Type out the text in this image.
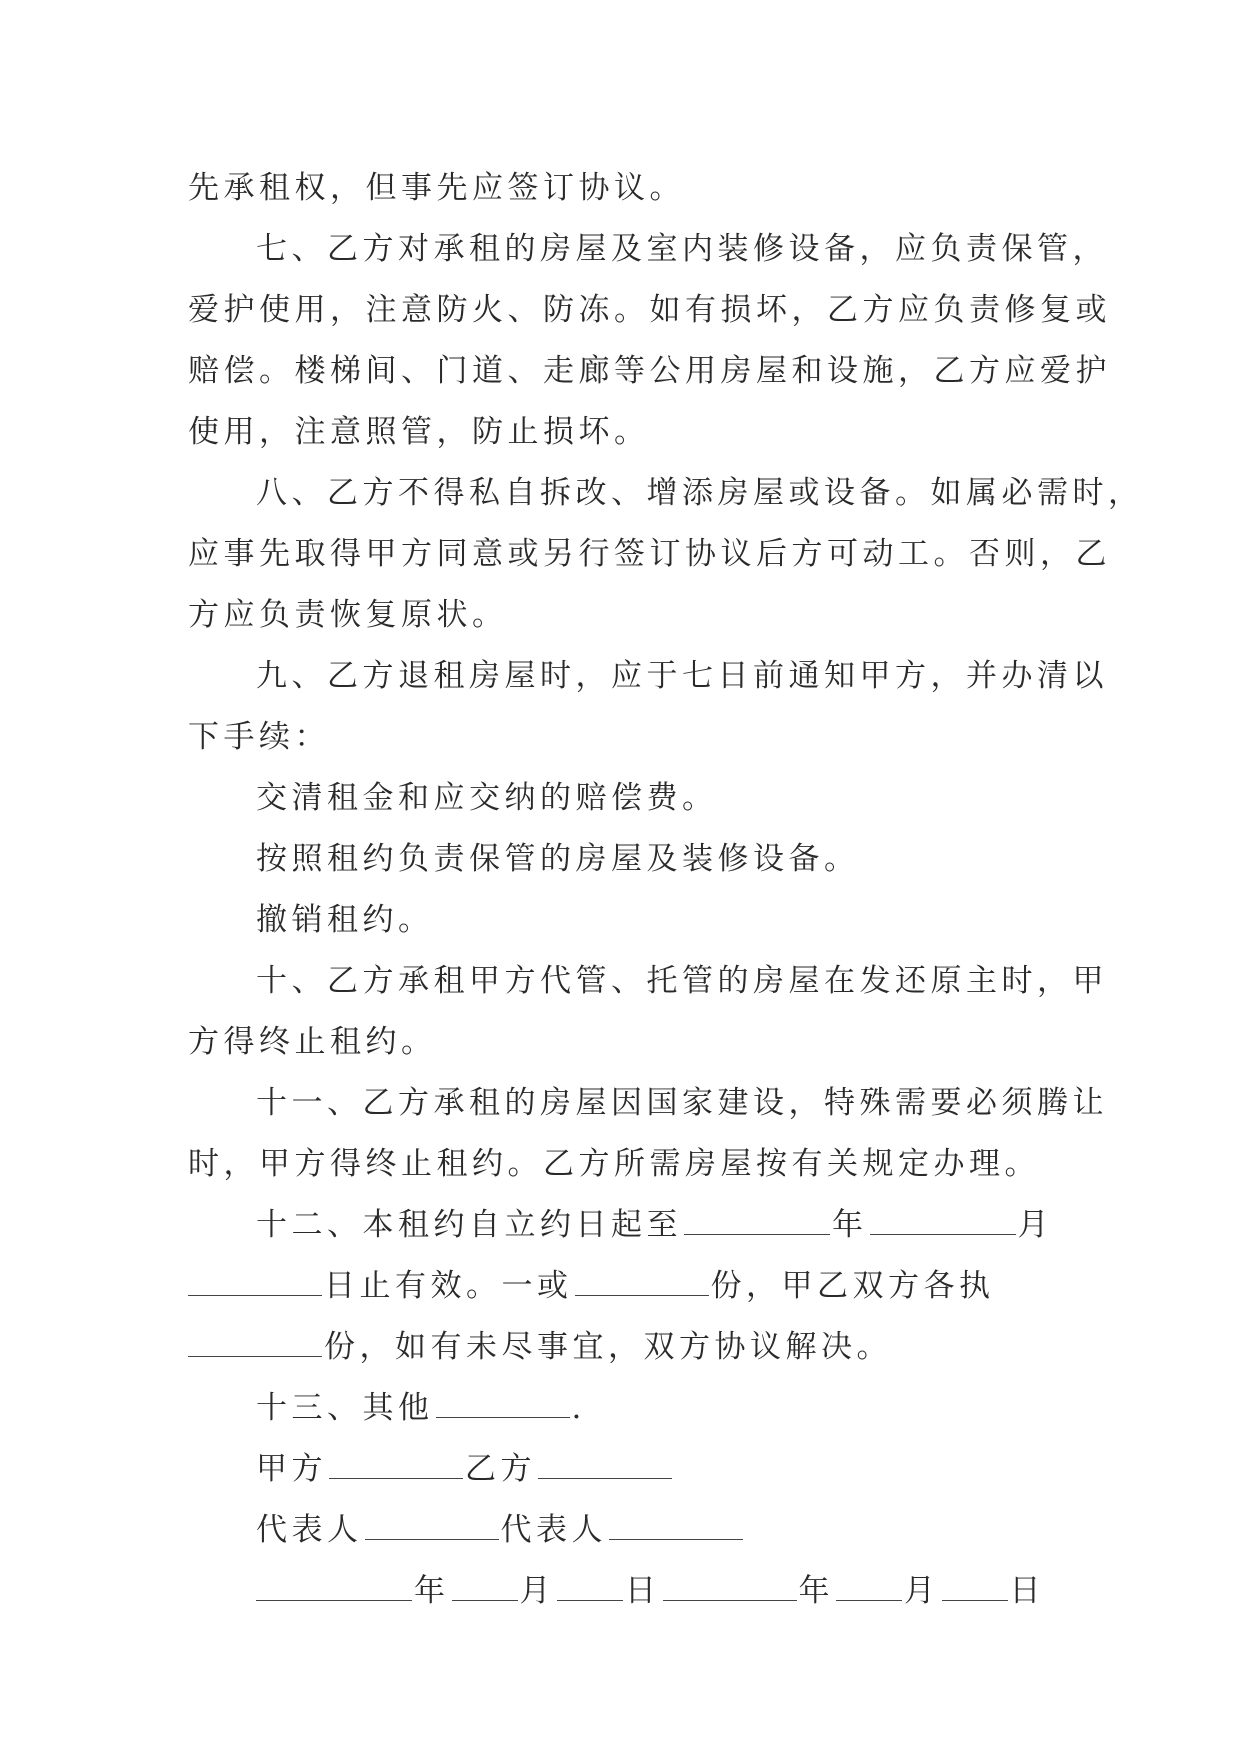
先承租权，但事先应签订协议。
七、乙方对承租的房屋及室内装修设备，应负责保管，
爱护使用，注意防火、防冻。如有损坏，乙方应负责修复或
赔偿。楼梯间、门道、走廊等公用房屋和设施，乙方应爱护
使用，注意照管，防止损坏。
八、乙方不得私自拆改、增添房屋或设备。如属必需时，
应事先取得甲方同意或另行签订协议后方可动工。否则，乙
方应负责恢复原状。
九、乙方退租房屋时，应于七日前通知甲方，并办清以
下手续：
交清租金和应交纳的赔偿费。
按照租约负责保管的房屋及装修设备。
撤销租约。
十、乙方承租甲方代管、托管的房屋在发还原主时，甲
方得终止租约。
十一、乙方承租的房屋因国家建设，特殊需要必须腾让
时，甲方得终止租约。乙方所需房屋按有关规定办理。
十二、本租约自立约日起至	年	月
日止有效。一或	份，甲乙双方各执
份，如有未尽事宜，双方协议解决。
十三、其他	.
甲方	乙方
代表人	代表人
年 月 日	年 月 日
